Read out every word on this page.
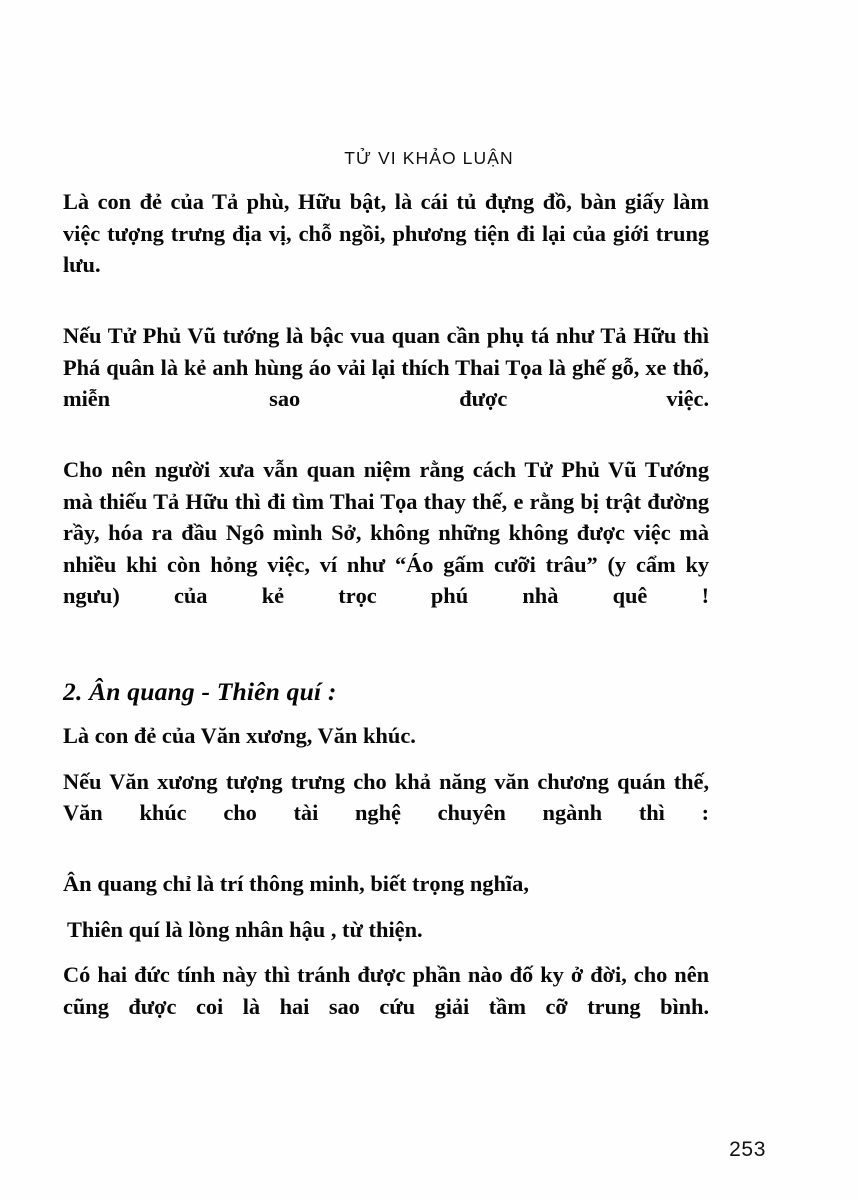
TỬ VI KHẢO LUẬN

Là con đẻ của Tả phù, Hữu bật, là cái tủ đựng đồ, bàn giấy làm việc tượng trưng địa vị, chỗ ngồi, phương tiện đi lại của giới trung lưu.

Nếu Tử Phủ Vũ tướng là bậc vua quan cần phụ tá như Tả Hữu thì Phá quân là kẻ anh hùng áo vải lại thích Thai Tọa là ghế gỗ, xe thổ, miễn sao được việc.

Cho nên người xưa vẫn quan niệm rằng cách Tử Phủ Vũ Tướng mà thiếu Tả Hữu thì đi tìm Thai Tọa thay thế, e rằng bị trật đường rầy, hóa ra đầu Ngô mình Sở, không những không được việc mà nhiều khi còn hỏng việc, ví như “Áo gấm cưỡi trâu” (y cẩm ky ngưu) của kẻ trọc phú nhà quê !

2. Ân quang - Thiên quí :

Là con đẻ của Văn xương, Văn khúc.

Nếu Văn xương tượng trưng cho khả năng văn chương quán thế, Văn khúc cho tài nghệ chuyên ngành thì :

Ân quang chỉ là trí thông minh, biết trọng nghĩa,

Thiên quí là lòng nhân hậu , từ thiện.

Có hai đức tính này thì tránh được phần nào đố ky ở đời, cho nên cũng được coi là hai sao cứu giải tầm cỡ trung bình.

253
